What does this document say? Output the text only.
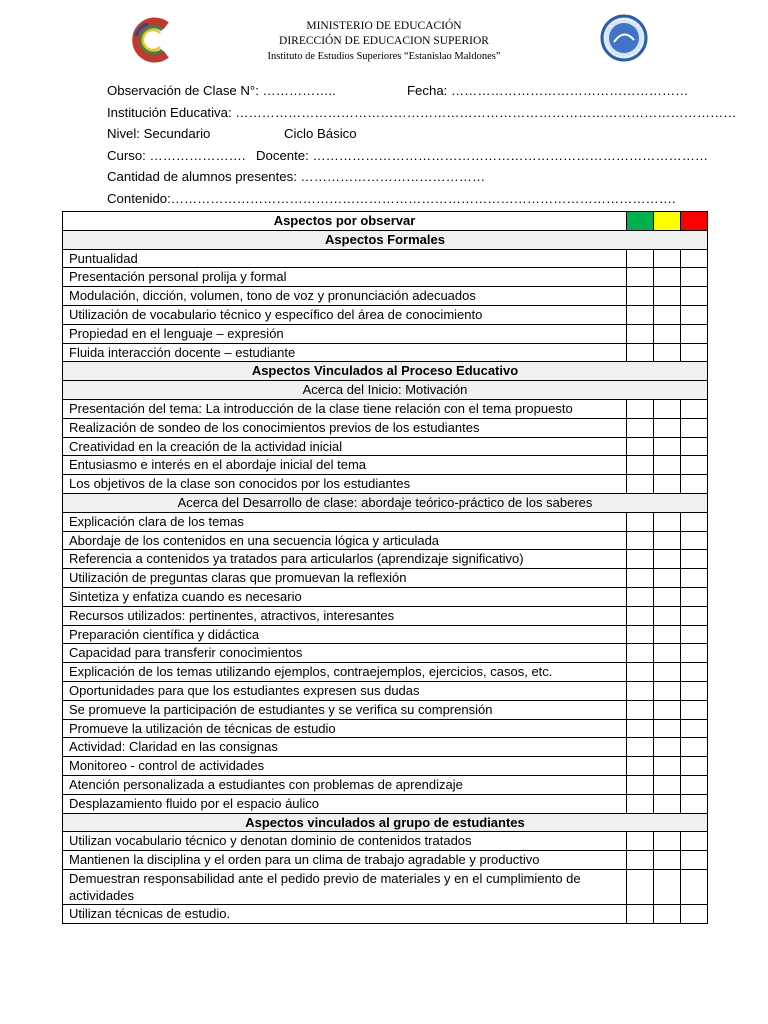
MINISTERIO DE EDUCACIÓN
DIRECCIÓN DE EDUCACION SUPERIOR
Instituto de Estudios Superiores “Estanislao Maldones”
Observación de Clase N°: ……………..	Fecha: ………………………………………………
Institución Educativa: ……………………………………………………………………………………………………
Nivel: Secundario	Ciclo Básico
Curso: …………………. Docente: ………………………………………………………………………………
Cantidad de alumnos presentes: ……………………………………
Contenido:…………………………………………………………………………………………………….
Aspectos por observar			
Aspectos Formales			
Puntualidad			
Presentación personal prolija y formal			
Modulación, dicción, volumen, tono de voz y pronunciación adecuados			
Utilización de vocabulario técnico y específico del área de conocimiento			
Propiedad en el lenguaje – expresión			
Fluida interacción docente – estudiante			
Aspectos Vinculados al Proceso Educativo			
Acerca del Inicio: Motivación			
Presentación del tema: La introducción de la clase tiene relación con el tema propuesto			
Realización de sondeo de los conocimientos previos de los estudiantes			
Creatividad en la creación de la actividad inicial			
Entusiasmo e interés en el abordaje inicial del tema			
Los objetivos de la clase son conocidos por los estudiantes			
Acerca del Desarrollo de clase: abordaje teórico-práctico de los saberes			
Explicación clara de los temas			
Abordaje de los contenidos en una secuencia lógica y articulada			
Referencia a contenidos ya tratados para articularlos (aprendizaje significativo)			
Utilización de preguntas claras que promuevan la reflexión			
Sintetiza y enfatiza cuando es necesario			
Recursos utilizados: pertinentes, atractivos, interesantes			
Preparación científica y didáctica			
Capacidad para transferir conocimientos			
Explicación de los temas utilizando ejemplos, contraejemplos, ejercicios, casos, etc.			
Oportunidades para que los estudiantes expresen sus dudas			
Se promueve la participación de estudiantes y se verifica su comprensión			
Promueve la utilización de técnicas de estudio			
Actividad: Claridad en las consignas			
Monitoreo - control de actividades			
Atención personalizada a estudiantes con problemas de aprendizaje			
Desplazamiento fluido por el espacio áulico			
Aspectos vinculados al grupo de estudiantes			
Utilizan vocabulario técnico y denotan dominio de contenidos tratados			
Mantienen la disciplina y el orden para un clima de trabajo agradable y productivo			
Demuestran responsabilidad ante el pedido previo de materiales y en el cumplimiento de actividades			
Utilizan técnicas de estudio.			
